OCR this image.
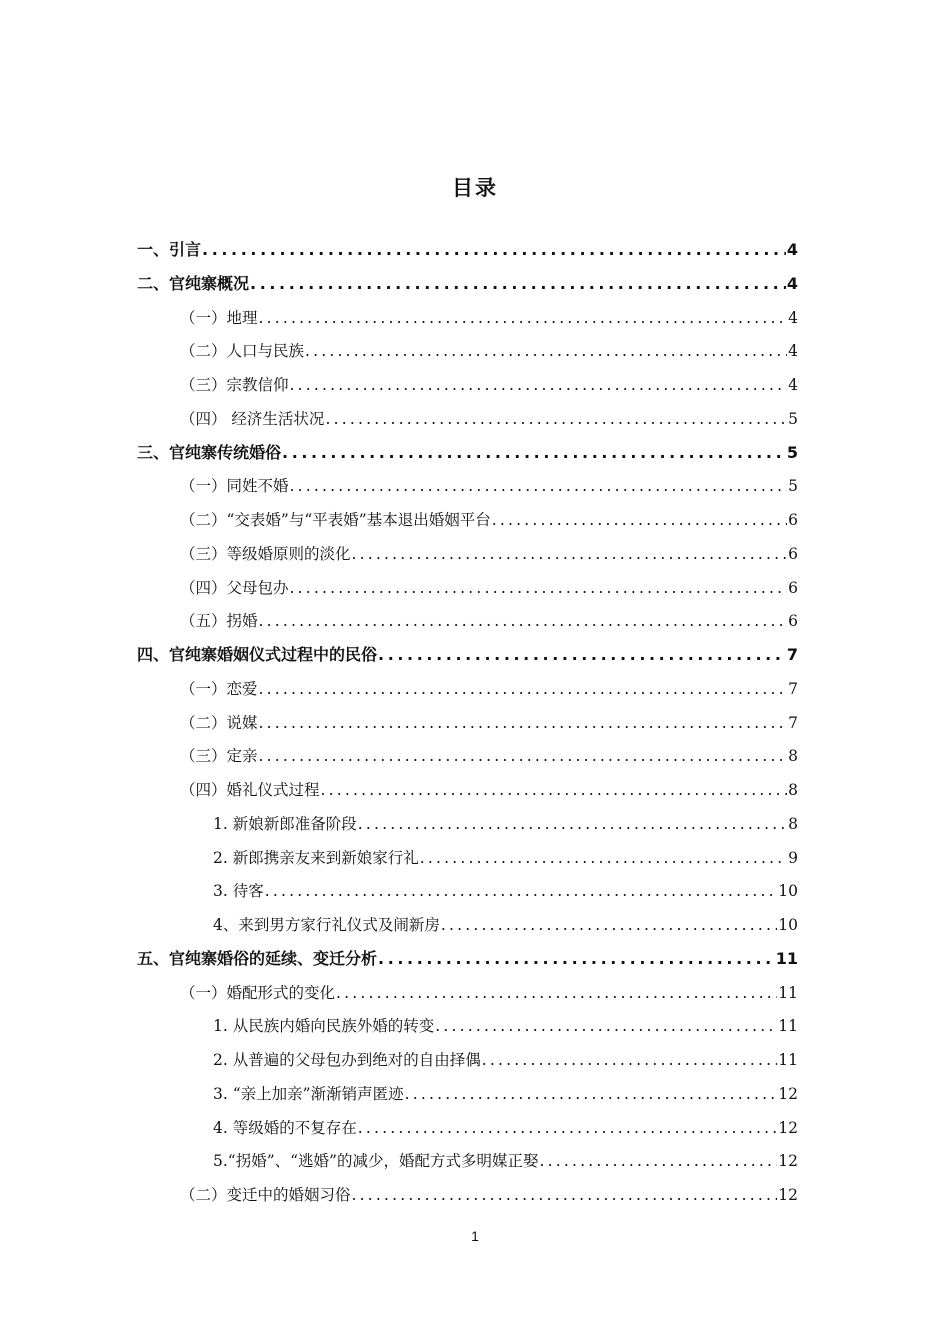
目录
一、引言 .....	4
二、官纯寨概况 .....	4
（一）地理 .....	4
（二）人口与民族 .....	4
（三）宗教信仰 .....	4
（四） 经济生活状况 .....	5
三、官纯寨传统婚俗 .....	5
（一）同姓不婚 .....	5
（二）“交表婚”与“平表婚”基本退出婚姻平台 .....	6
（三）等级婚原则的淡化 .....	6
（四）父母包办 .....	6
（五）拐婚 .....	6
四、官纯寨婚姻仪式过程中的民俗 .....	7
（一）恋爱 .....	7
（二）说媒 .....	7
（三）定亲 .....	8
（四）婚礼仪式过程 .....	8
1. 新娘新郎准备阶段 .....	8
2. 新郎携亲友来到新娘家行礼 .....	9
3. 待客 .....	10
4、来到男方家行礼仪式及闹新房 .....	10
五、官纯寨婚俗的延续、变迁分析 .....	11
（一）婚配形式的变化 .....	11
1. 从民族内婚向民族外婚的转变 .....	11
2. 从普遍的父母包办到绝对的自由择偶 .....	11
3. “亲上加亲”渐渐销声匿迹 .....	12
4. 等级婚的不复存在 .....	12
5.“拐婚”、“逃婚”的减少，婚配方式多明媒正娶 .....	12
（二）变迁中的婚姻习俗 .....	12
1
